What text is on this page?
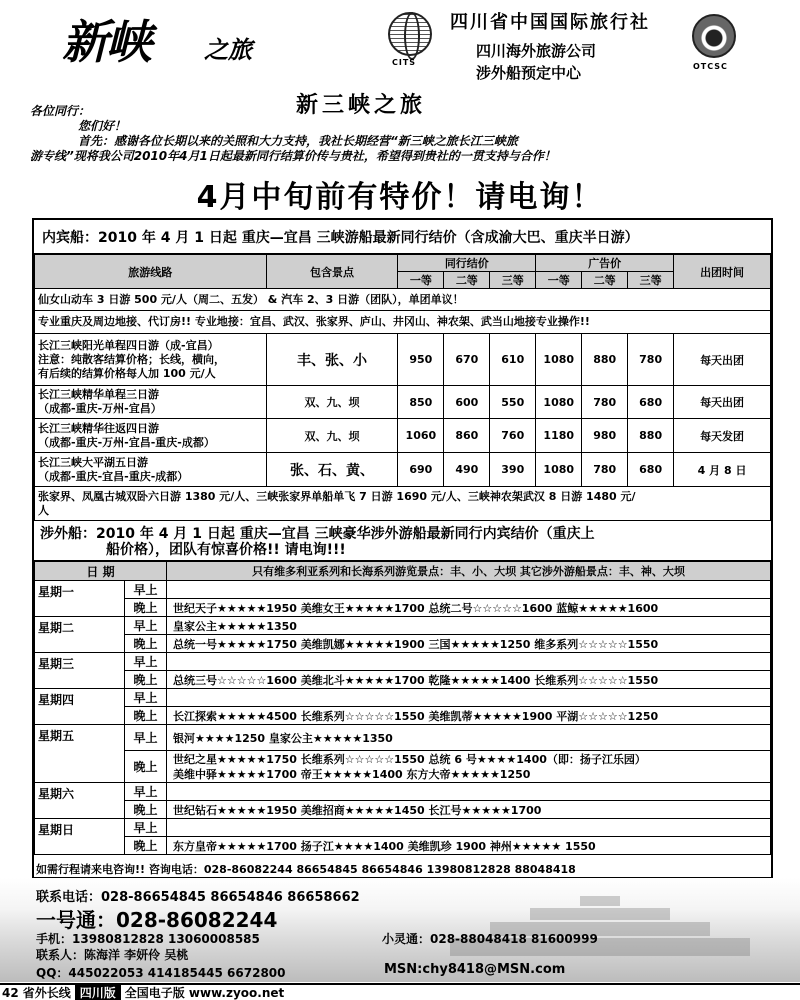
新峡 之旅	CITS
四川省中国国际旅行社
四川海外旅游公司
涉外船预定中心	OTCSC
新三峡之旅
各位同行：
您们好！
首先：感谢各位长期以来的关照和大力支持，我社长期经营“新三峡之旅长江三峡旅
游专线”现将我公司2010年4月1日起最新同行结算价传与贵社，希望得到贵社的一贯支持与合作！
4月中旬前有特价！请电询！
内宾船：2010 年 4 月 1 日起 重庆—宜昌 三峡游船最新同行结价（含成渝大巴、重庆半日游）
旅游线路	包含景点	同行结价			广告价			出团时间
		一等	二等	三等	一等	二等	三等	
仙女山动车 3 日游 500 元/人（周二、五发） & 汽车 2、3 日游（团队），单团单议！								
专业重庆及周边地接、代订房!! 专业地接：宜昌、武汉、张家界、庐山、井冈山、神农架、武当山地接专业操作!!								

长江三峡阳光单程四日游（成-宜昌）
注意：纯散客结算价格；长线，横向，
有后续的结算价格每人加 100 元/人	丰、张、小	950	670	610	1080	880	780	每天出团

长江三峡精华单程三日游
（成都-重庆-万州-宜昌）	双、九、坝	850	600	550	1080	780	680	每天出团

长江三峡精华往返四日游
（成都-重庆-万州-宜昌-重庆-成都）	双、九、坝	1060	860	760	1180	980	880	每天发团

长江三峡大平湖五日游
（成都-重庆-宜昌-重庆-成都）	张、石、黄、	690	490	390	1080	780	680	4 月 8 日

张家界、凤凰古城双卧六日游 1380 元/人、三峡张家界单船单飞 7 日游 1690 元/人、三峡神农架武汉 8 日游 1480 元/
人								
涉外船：2010 年 4 月 1 日起 重庆—宜昌 三峡豪华涉外游船最新同行内宾结价（重庆上
船价格），团队有惊喜价格!! 请电询!!!
日 期		只有维多利亚系列和长海系列游览景点：丰、小、大坝 其它涉外游船景点：丰、神、大坝
星期一	早上	
	晚上	世纪天子★★★★★1950 美维女王★★★★★1700 总统二号☆☆☆☆☆1600 蓝鲸★★★★★1600
星期二	早上	皇家公主★★★★★1350
	晚上	总统一号★★★★★1750 美维凯娜★★★★★1900 三国★★★★★1250 维多系列☆☆☆☆☆1550
星期三	早上	
	晚上	总统三号☆☆☆☆☆1600 美维北斗★★★★★1700 乾隆★★★★★1400 长维系列☆☆☆☆☆1550
星期四	早上	
	晚上	长江探索★★★★★4500 长维系列☆☆☆☆☆1550 美维凯蒂★★★★★1900 平湖☆☆☆☆☆1250
星期五	早上	银河★★★★1250 皇家公主★★★★★1350
	晚上	世纪之星★★★★★1750 长维系列☆☆☆☆☆1550 总统 6 号★★★★1400（即：扬子江乐园）
美维中驿★★★★★1700 帝王★★★★★1400 东方大帝★★★★★1250

星期六	早上	
	晚上	世纪钻石★★★★★1950 美维招商★★★★★1450 长江号★★★★★1700
星期日	早上	
	晚上	东方皇帝★★★★★1700 扬子江★★★★1400 美维凯珍 1900 神州★★★★★ 1550
如需行程请来电咨询!! 咨询电话：028-86082244 86654845 86654846 13980812828 88048418
联系电话：028-86654845 86654846 86658662
一号通：028-86082244
手机：13980812828 13060008585	小灵通：028-88048418 81600999
联系人：陈海洋 李妍伶 吴桃
QQ：445022053 414185445 6672800	MSN:chy8418@MSN.com
42 省外长线 四川版 全国电子版 www.zyoo.net
